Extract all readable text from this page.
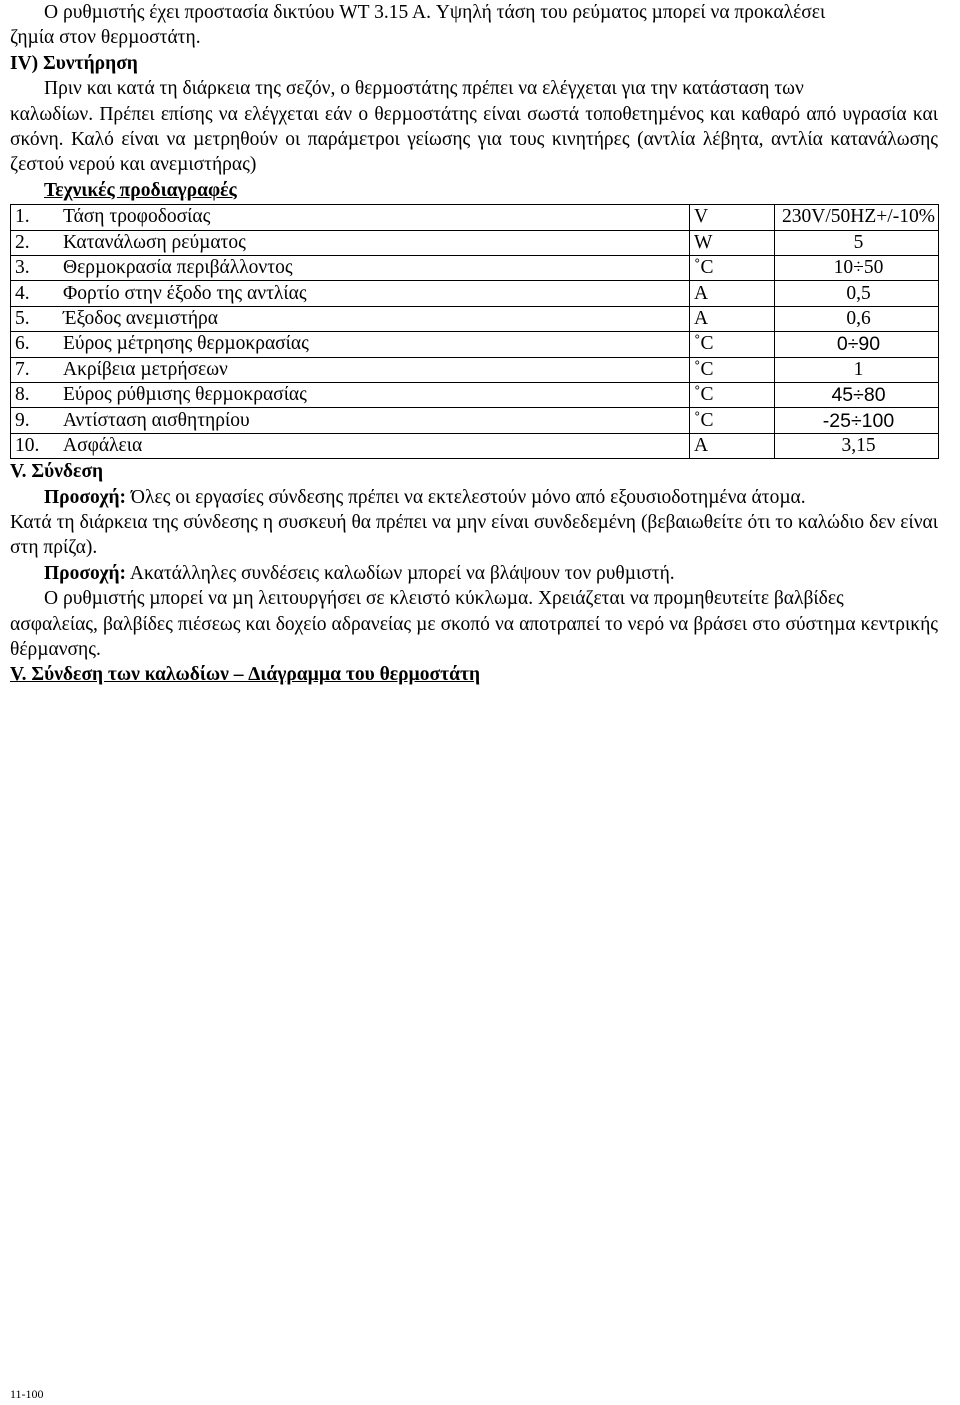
Ο ρυθµιστής έχει προστασία δικτύου WT 3.15 A. Υψηλή τάση του ρεύµατος µπορεί να προκαλέσει

ζηµία στον θερµοστάτη.

IV) Συντήρηση

Πριν και κατά τη διάρκεια της σεζόν, ο θερµοστάτης πρέπει να ελέγχεται για την κατάσταση των

καλωδίων. Πρέπει επίσης να ελέγχεται εάν ο θερµοστάτης είναι σωστά τοποθετηµένος και καθαρό από υγρασία και σκόνη. Καλό είναι να µετρηθούν οι παράµετροι γείωσης για τους κινητήρες (αντλία λέβητα, αντλία κατανάλωσης ζεστού νερού και ανεµιστήρας)

Τεχνικές προδιαγραφές

1. Τάση τροφοδοσίας	V	230V/50HZ+/-10%
2. Κατανάλωση ρεύµατος	W	5
3. Θερµοκρασία περιβάλλοντος	˚C	10÷50
4. Φορτίο στην έξοδο της αντλίας	A	0,5
5. Έξοδος ανεµιστήρα	A	0,6
6. Εύρος µέτρησης θερµοκρασίας	˚C	0÷90
7. Ακρίβεια µετρήσεων	˚C	1
8. Εύρος ρύθµισης θερµοκρασίας	˚C	45÷80
9. Αντίσταση αισθητηρίου	˚C	-25÷100
10. Ασφάλεια	A	3,15

V. Σύνδεση

Προσοχή: Όλες οι εργασίες σύνδεσης πρέπει να εκτελεστούν µόνο από εξουσιοδοτηµένα άτοµα.

Κατά τη διάρκεια της σύνδεσης η συσκευή θα πρέπει να µην είναι συνδεδεµένη (βεβαιωθείτε ότι το καλώδιο δεν είναι στη πρίζα).

Προσοχή: Ακατάλληλες συνδέσεις καλωδίων µπορεί να βλάψουν τον ρυθµιστή.

Ο ρυθµιστής µπορεί να µη λειτουργήσει σε κλειστό κύκλωµα. Χρειάζεται να προµηθευτείτε βαλβίδες

ασφαλείας, βαλβίδες πιέσεως και δοχείο αδρανείας µε σκοπό να αποτραπεί το νερό να βράσει στο σύστηµα κεντρικής θέρµανσης.

V. Σύνδεση των καλωδίων – ∆ιάγραµµα του θερµοστάτη

11-100
